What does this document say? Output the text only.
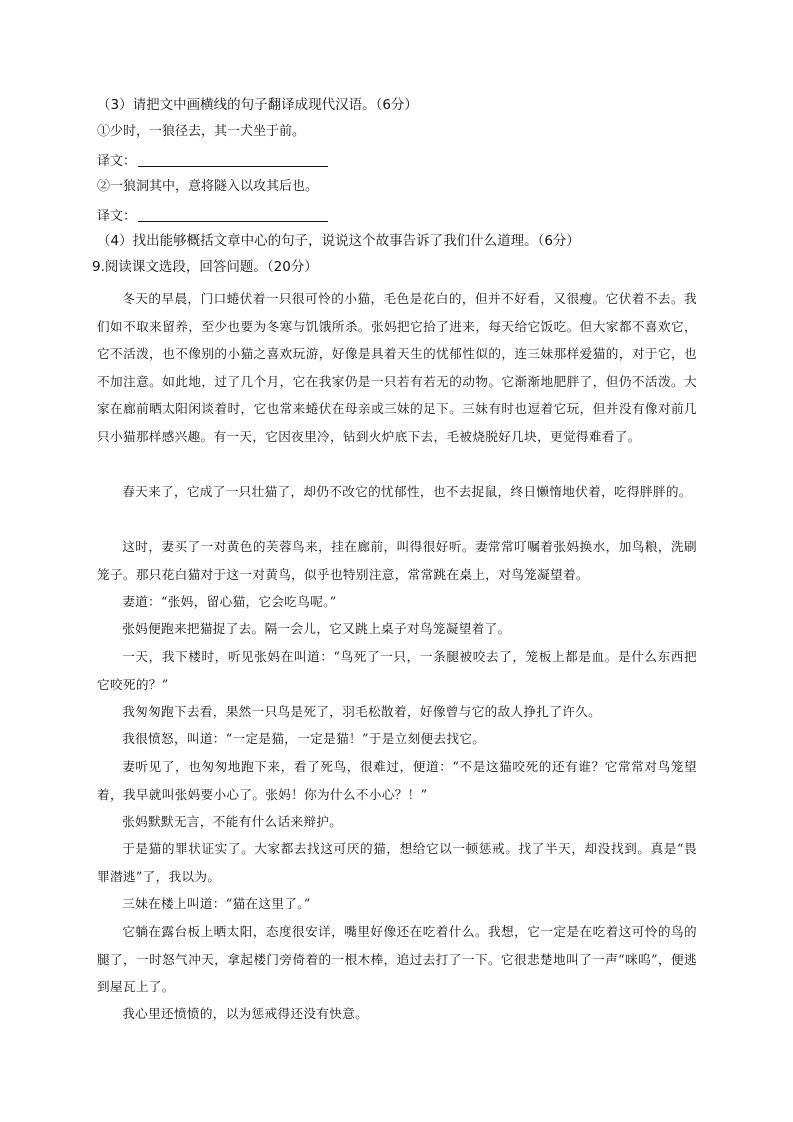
（3）请把文中画横线的句子翻译成现代汉语。（6分）
①少时，一狼径去，其一犬坐于前。
译文：
②一狼洞其中，意将隧入以攻其后也。
译文：
（4）找出能够概括文章中心的句子，说说这个故事告诉了我们什么道理。（6分）
9.阅读课文选段，回答问题。（20分）
冬天的早晨，门口蜷伏着一只很可怜的小猫，毛色是花白的，但并不好看，又很瘦。它伏着不去。我们如不取来留养，至少也要为冬寒与饥饿所杀。张妈把它拾了进来，每天给它饭吃。但大家都不喜欢它，它不活泼，也不像别的小猫之喜欢玩游，好像是具着天生的忧郁性似的，连三妹那样爱猫的，对于它，也不加注意。如此地，过了几个月，它在我家仍是一只若有若无的动物。它渐渐地肥胖了，但仍不活泼。大家在廊前晒太阳闲谈着时，它也常来蜷伏在母亲或三妹的足下。三妹有时也逗着它玩，但并没有像对前几只小猫那样感兴趣。有一天，它因夜里冷，钻到火炉底下去，毛被烧脱好几块，更觉得难看了。
春天来了，它成了一只壮猫了，却仍不改它的忧郁性，也不去捉鼠，终日懒惰地伏着，吃得胖胖的。
这时，妻买了一对黄色的芙蓉鸟来，挂在廊前，叫得很好听。妻常常叮嘱着张妈换水，加鸟粮，洗刷笼子。那只花白猫对于这一对黄鸟，似乎也特别注意，常常跳在桌上，对鸟笼凝望着。
妻道：“张妈，留心猫，它会吃鸟呢。”
张妈便跑来把猫捉了去。隔一会儿，它又跳上桌子对鸟笼凝望着了。
一天，我下楼时，听见张妈在叫道：“鸟死了一只，一条腿被咬去了，笼板上都是血。是什么东西把它咬死的？”
我匆匆跑下去看，果然一只鸟是死了，羽毛松散着，好像曾与它的敌人挣扎了许久。
我很愤怒，叫道：“一定是猫，一定是猫！”于是立刻便去找它。
妻听见了，也匆匆地跑下来，看了死鸟，很难过，便道：“不是这猫咬死的还有谁？它常常对鸟笼望着，我早就叫张妈要小心了。张妈！你为什么不小心？！”
张妈默默无言，不能有什么话来辩护。
于是猫的罪状证实了。大家都去找这可厌的猫，想给它以一顿惩戒。找了半天，却没找到。真是“畏罪潜逃”了，我以为。
三妹在楼上叫道：“猫在这里了。”
它躺在露台板上晒太阳，态度很安详，嘴里好像还在吃着什么。我想，它一定是在吃着这可怜的鸟的腿了，一时怒气冲天，拿起楼门旁倚着的一根木棒，追过去打了一下。它很悲楚地叫了一声“咪呜”，便逃到屋瓦上了。
我心里还愤愤的，以为惩戒得还没有快意。
